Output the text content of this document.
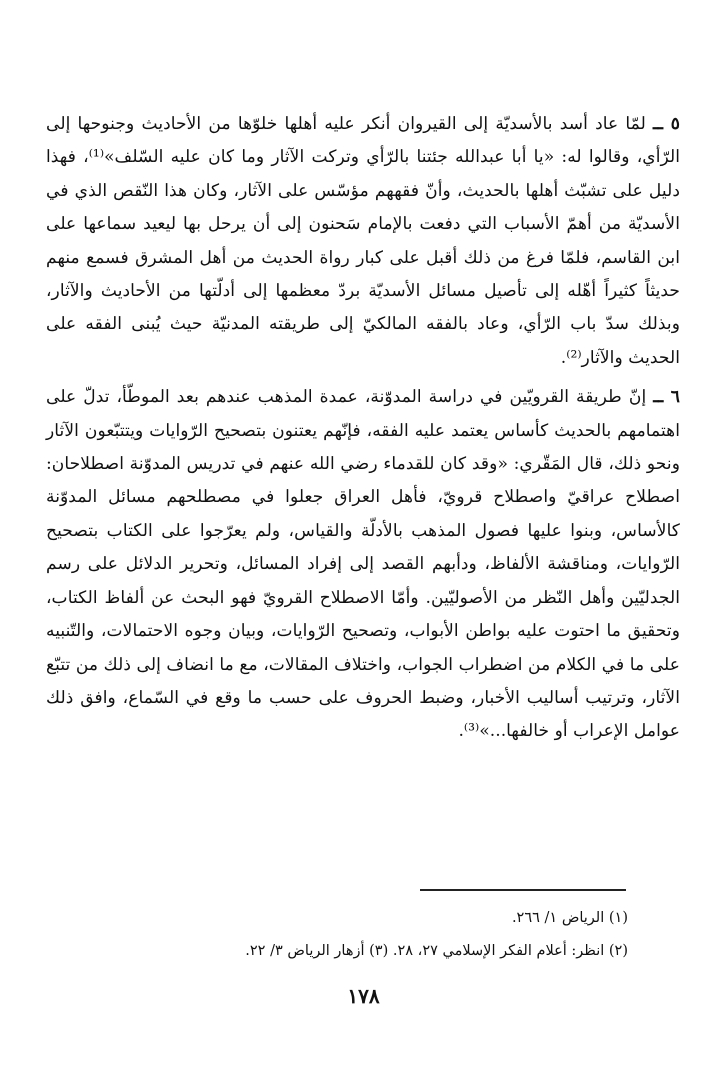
٥ ــ لمّا عاد أسد بالأسديّة إلى القيروان أنكر عليه أهلها خلوّها من الأحاديث وجنوحها إلى الرّأي، وقالوا له: «يا أبا عبدالله جئتنا بالرّأي وتركت الآثار وما كان عليه السّلف»⁽¹⁾، فهذا دليل على تشبّث أهلها بالحديث، وأنّ فقههم مؤسّس على الآثار، وكان هذا النّقص الذي في الأسديّة من أهمّ الأسباب التي دفعت بالإمام سَحنون إلى أن يرحل بها ليعيد سماعها على ابن القاسم، فلمّا فرغ من ذلك أقبل على كبار رواة الحديث من أهل المشرق فسمع منهم حديثاً كثيراً أهّله إلى تأصيل مسائل الأسديّة بردّ معظمها إلى أدلّتها من الأحاديث والآثار، وبذلك سدّ باب الرّأي، وعاد بالفقه المالكيّ إلى طريقته المدنيّة حيث يُبنى الفقه على الحديث والآثار⁽²⁾.

٦ ــ إنّ طريقة القرويّين في دراسة المدوّنة، عمدة المذهب عندهم بعد الموطّأ، تدلّ على اهتمامهم بالحديث كأساس يعتمد عليه الفقه، فإنّهم يعتنون بتصحيح الرّوايات ويتتبّعون الآثار ونحو ذلك، قال المَقّري: «وقد كان للقدماء رضي الله عنهم في تدريس المدوّنة اصطلاحان: اصطلاح عراقيّ واصطلاح قرويّ، فأهل العراق جعلوا في مصطلحهم مسائل المدوّنة كالأساس، وبنوا عليها فصول المذهب بالأدلّة والقياس، ولم يعرّجوا على الكتاب بتصحيح الرّوايات، ومناقشة الألفاظ، ودأبهم القصد إلى إفراد المسائل، وتحرير الدلائل على رسم الجدليّين وأهل النّظر من الأصوليّين. وأمّا الاصطلاح القرويّ فهو البحث عن ألفاظ الكتاب، وتحقيق ما احتوت عليه بواطن الأبواب، وتصحيح الرّوايات، وبيان وجوه الاحتمالات، والتّنبيه على ما في الكلام من اضطراب الجواب، واختلاف المقالات، مع ما انضاف إلى ذلك من تتبّع الآثار، وترتيب أساليب الأخبار، وضبط الحروف على حسب ما وقع في السّماع، وافق ذلك عوامل الإعراب أو خالفها...»⁽³⁾.

(١) الرياض ١/ ٢٦٦.

(٢) انظر: أعلام الفكر الإسلامي ٢٧، ٢٨. (٣) أزهار الرياض ٣/ ٢٢.

١٧٨
